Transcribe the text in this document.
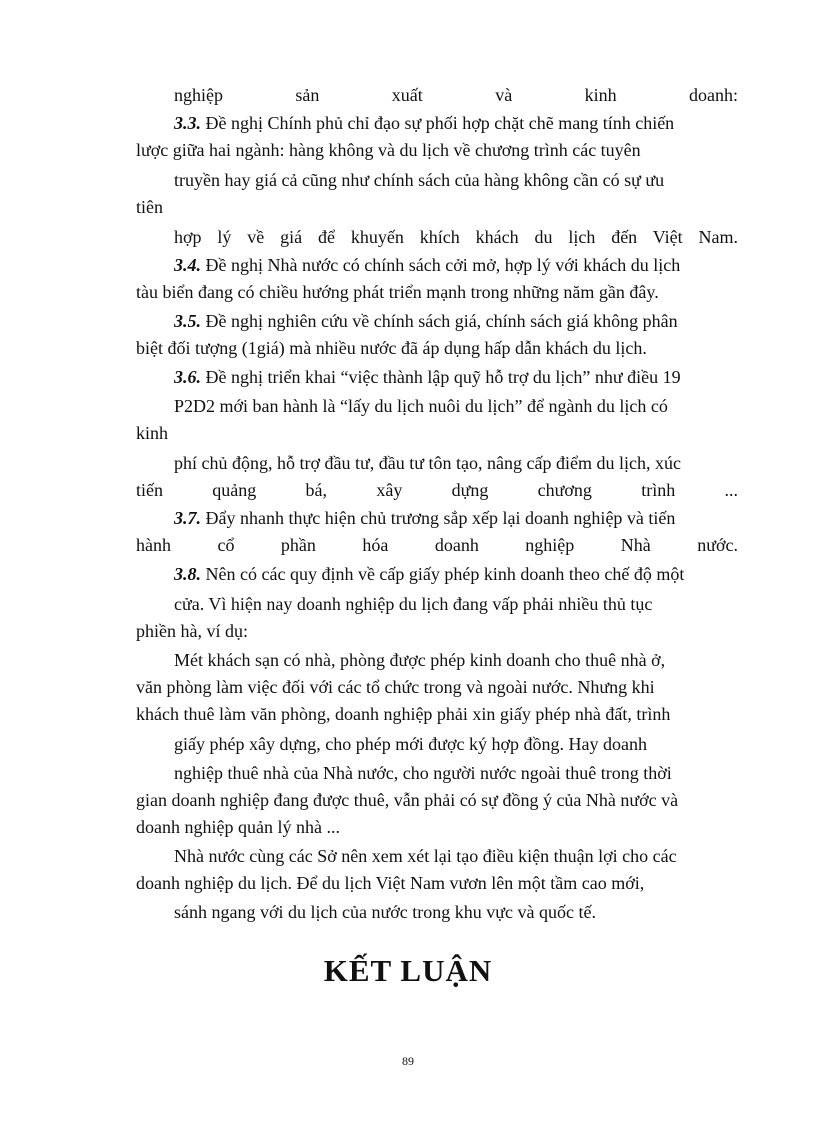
nghiệp sản xuất và kinh doanh:

3.3. Đề nghị Chính phủ chỉ đạo sự phối hợp chặt chẽ mang tính chiến

lược giữa hai ngành: hàng không và du lịch về chương trình các tuyên

truyền hay giá cả cũng như chính sách của hàng không cần có sự ưu

tiên

hợp lý về giá để khuyến khích khách du lịch đến Việt Nam.

3.4. Đề nghị Nhà nước có chính sách cởi mở, hợp lý với khách du lịch

tàu biển đang có chiều hướng phát triển mạnh trong những năm gần đây.

3.5. Đề nghị nghiên cứu về chính sách giá, chính sách giá không phân

biệt đối tượng (1giá) mà nhiều nước đã áp dụng hấp dẫn khách du lịch.

3.6. Đề nghị triển khai “việc thành lập quỹ hỗ trợ du lịch” như điều 19

P2D2 mới ban hành là “lấy du lịch nuôi du lịch” để ngành du lịch có

kinh

phí chủ động, hỗ trợ đầu tư, đầu tư tôn tạo, nâng cấp điểm du lịch, xúc

tiến quảng bá, xây dựng chương trình ...

3.7. Đẩy nhanh thực hiện chủ trương sắp xếp lại doanh nghiệp và tiến

hành cổ phần hóa doanh nghiệp Nhà nước.

3.8. Nên có các quy định về cấp giấy phép kinh doanh theo chế độ một

cửa. Vì hiện nay doanh nghiệp du lịch đang vấp phải nhiều thủ tục

phiền hà, ví dụ:

Mét khách sạn có nhà, phòng được phép kinh doanh cho thuê nhà ở,

văn phòng làm việc đối với các tổ chức trong và ngoài nước. Nhưng khi

khách thuê làm văn phòng, doanh nghiệp phải xin giấy phép nhà đất, trình

giấy phép xây dựng, cho phép mới được ký hợp đồng. Hay doanh

nghiệp thuê nhà của Nhà nước, cho người nước ngoài thuê trong thời

gian doanh nghiệp đang được thuê, vẫn phải có sự đồng ý của Nhà nước và

doanh nghiệp quản lý nhà ...

Nhà nước cùng các Sở nên xem xét lại tạo điều kiện thuận lợi cho các

doanh nghiệp du lịch. Để du lịch Việt Nam vươn lên một tầm cao mới,

sánh ngang với du lịch của nước trong khu vực và quốc tế.

KẾT LUẬN

89
